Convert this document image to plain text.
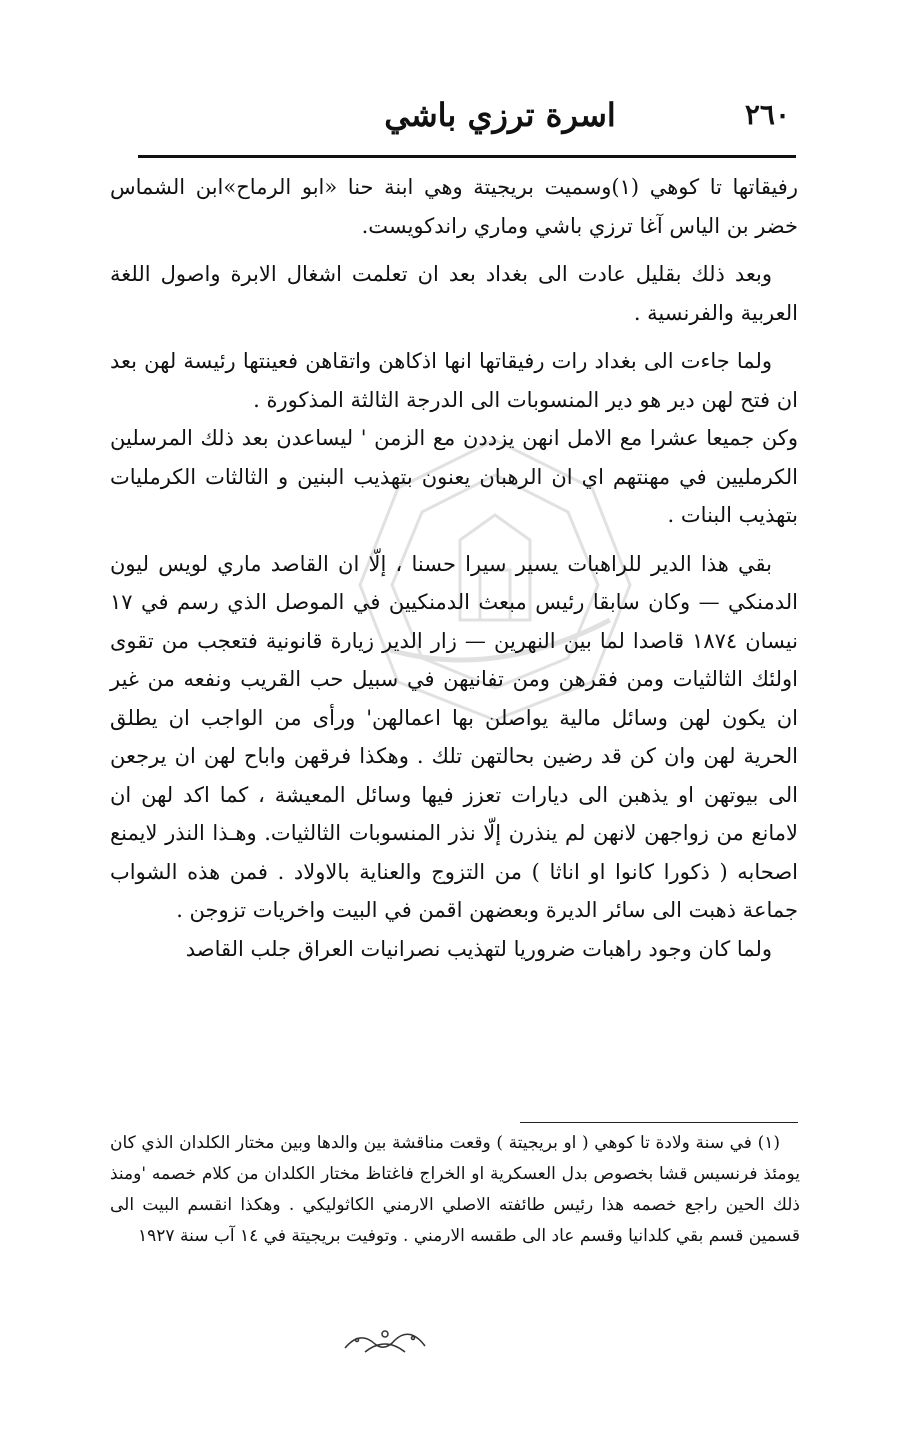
٢٦٠
اسرة ترزي باشي

رفيقاتها تا كوهي (١)وسميت بريجيتة وهي ابنة حنا «ابو الرماح»ابن الشماس خضر بن الياس آغا ترزي باشي وماري راندكويست.

وبعد ذلك بقليل عادت الى بغداد بعد ان تعلمت اشغال الابرة واصول اللغة العربية والفرنسية .

ولما جاءت الى بغداد رات رفيقاتها انها اذكاهن واتقاهن فعينتها رئيسة لهن بعد ان فتح لهن دير هو دير المنسوبات الى الدرجة الثالثة المذكورة .

وكن جميعا عشرا مع الامل انهن يزددن مع الزمن ' ليساعدن بعد ذلك المرسلين الكرمليين في مهنتهم اي ان الرهبان يعنون بتهذيب البنين و الثالثات الكرمليات بتهذيب البنات .

بقي هذا الدير للراهبات يسير سيرا حسنا ، إلّا ان القاصد ماري لويس ليون الدمنكي — وكان سابقا رئيس مبعث الدمنكيين في الموصل الذي رسم في ١٧ نيسان ١٨٧٤ قاصدا لما بين النهرين — زار الدير زيارة قانونية فتعجب من تقوى اولئك الثالثيات ومن فقرهن ومن تفانيهن في سبيل حب القريب ونفعه من غير ان يكون لهن وسائل مالية يواصلن بها اعمالهن' ورأى من الواجب ان يطلق الحرية لهن وان كن قد رضين بحالتهن تلك . وهكذا فرقهن واباح لهن ان يرجعن الى بيوتهن او يذهبن الى ديارات تعزز فيها وسائل المعيشة ، كما اكد لهن ان لامانع من زواجهن لانهن لم ينذرن إلّا نذر المنسوبات الثالثيات. وهـذا النذر لايمنع اصحابه ( ذكورا كانوا او اناثا ) من التزوج والعناية بالاولاد . فمن هذه الشواب جماعة ذهبت الى سائر الديرة وبعضهن اقمن في البيت واخريات تزوجن .

ولما كان وجود راهبات ضروريا لتهذيب نصرانيات العراق جلب القاصد

(١) في سنة ولادة تا كوهي ( او بريجيتة ) وقعت مناقشة بين والدها وبين مختار الكلدان الذي كان يومئذ فرنسيس قشا بخصوص بدل العسكرية او الخراج فاغتاظ مختار الكلدان من كلام خصمه 'ومنذ ذلك الحين راجع خصمه هذا رئيس طائفته الاصلي الارمني الكاثوليكي . وهكذا انقسم البيت الى قسمين قسم بقي كلدانيا وقسم عاد الى طقسه الارمني . وتوفيت بريجيتة في ١٤ آب سنة ١٩٢٧
